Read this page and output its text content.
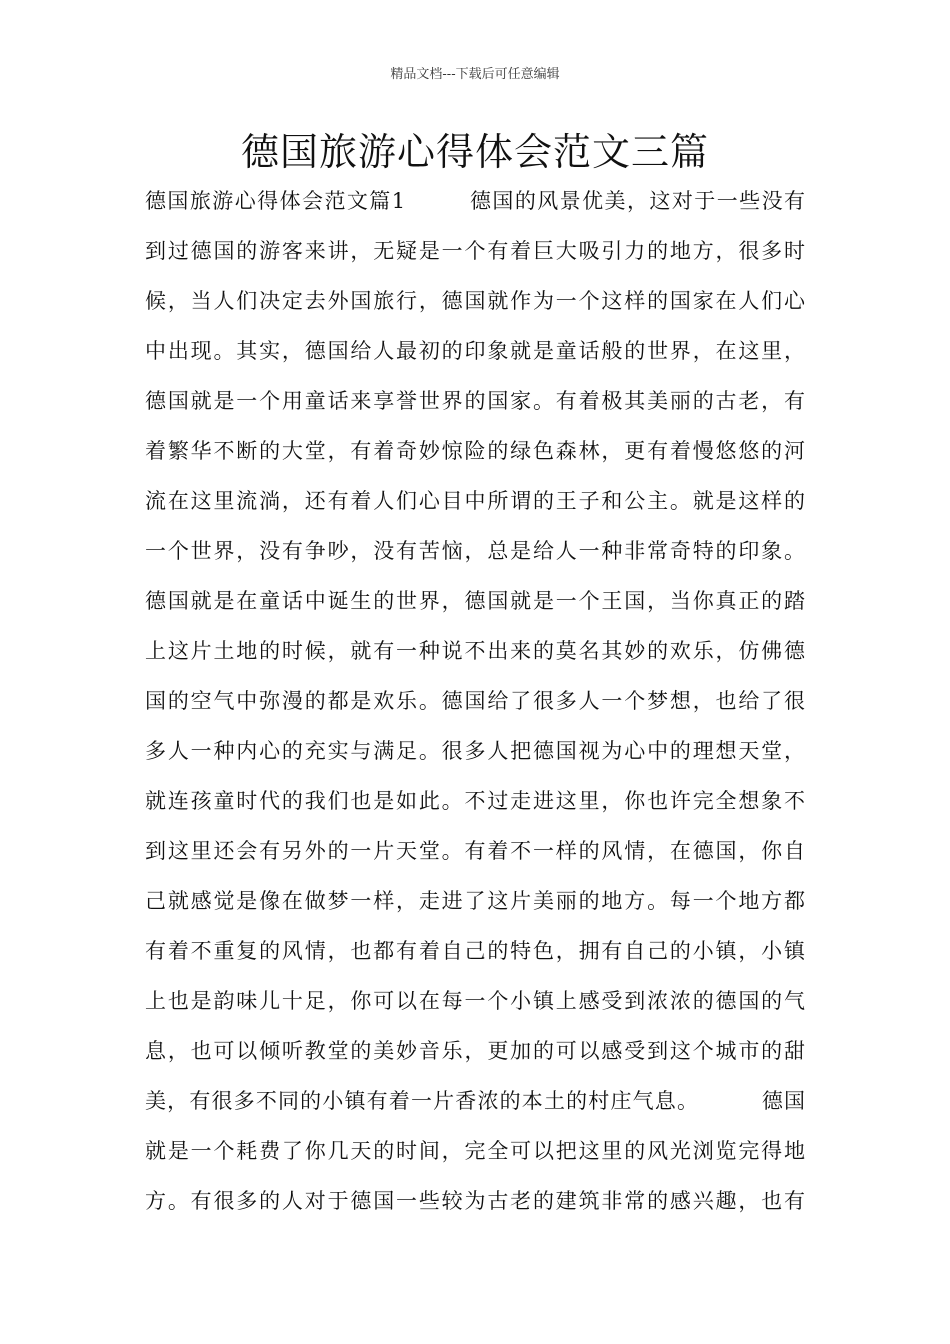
精品文档---下载后可任意编辑
德国旅游心得体会范文三篇
德国旅游心得体会范文篇1        德国的风景优美，这对于一些没有
到过德国的游客来讲，无疑是一个有着巨大吸引力的地方，很多时
候，当人们决定去外国旅行，德国就作为一个这样的国家在人们心
中出现。其实，德国给人最初的印象就是童话般的世界，在这里，
德国就是一个用童话来享誉世界的国家。有着极其美丽的古老，有
着繁华不断的大堂，有着奇妙惊险的绿色森林，更有着慢悠悠的河
流在这里流淌，还有着人们心目中所谓的王子和公主。就是这样的
一个世界，没有争吵，没有苦恼，总是给人一种非常奇特的印象。
德国就是在童话中诞生的世界，德国就是一个王国，当你真正的踏
上这片土地的时候，就有一种说不出来的莫名其妙的欢乐，仿佛德
国的空气中弥漫的都是欢乐。德国给了很多人一个梦想，也给了很
多人一种内心的充实与满足。很多人把德国视为心中的理想天堂，
就连孩童时代的我们也是如此。不过走进这里，你也许完全想象不
到这里还会有另外的一片天堂。有着不一样的风情，在德国，你自
己就感觉是像在做梦一样，走进了这片美丽的地方。每一个地方都
有着不重复的风情，也都有着自己的特色，拥有自己的小镇，小镇
上也是韵味儿十足，你可以在每一个小镇上感受到浓浓的德国的气
息，也可以倾听教堂的美妙音乐，更加的可以感受到这个城市的甜
美，有很多不同的小镇有着一片香浓的本土的村庄气息。        德国
就是一个耗费了你几天的时间，完全可以把这里的风光浏览完得地
方。有很多的人对于德国一些较为古老的建筑非常的感兴趣，也有
